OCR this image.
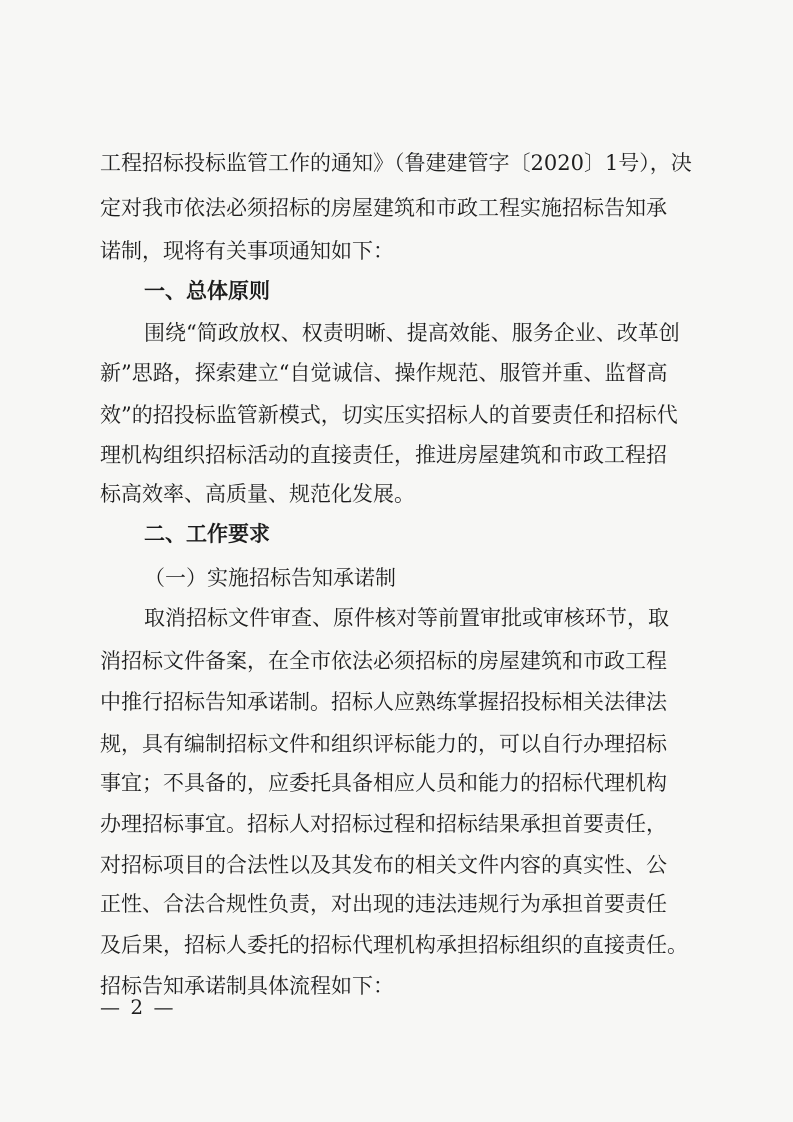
工程招标投标监管工作的通知》（鲁建建管字〔2020〕1号），决
定对我市依法必须招标的房屋建筑和市政工程实施招标告知承
诺制，现将有关事项通知如下：
一、总体原则
围绕“简政放权、权责明晰、提高效能、服务企业、改革创
新”思路，探索建立“自觉诚信、操作规范、服管并重、监督高
效”的招投标监管新模式，切实压实招标人的首要责任和招标代
理机构组织招标活动的直接责任，推进房屋建筑和市政工程招
标高效率、高质量、规范化发展。
二、工作要求
（一）实施招标告知承诺制
取消招标文件审查、原件核对等前置审批或审核环节，取
消招标文件备案，在全市依法必须招标的房屋建筑和市政工程
中推行招标告知承诺制。招标人应熟练掌握招投标相关法律法
规，具有编制招标文件和组织评标能力的，可以自行办理招标
事宜；不具备的，应委托具备相应人员和能力的招标代理机构
办理招标事宜。招标人对招标过程和招标结果承担首要责任，
对招标项目的合法性以及其发布的相关文件内容的真实性、公
正性、合法合规性负责，对出现的违法违规行为承担首要责任
及后果，招标人委托的招标代理机构承担招标组织的直接责任。
招标告知承诺制具体流程如下：
— 2 —
